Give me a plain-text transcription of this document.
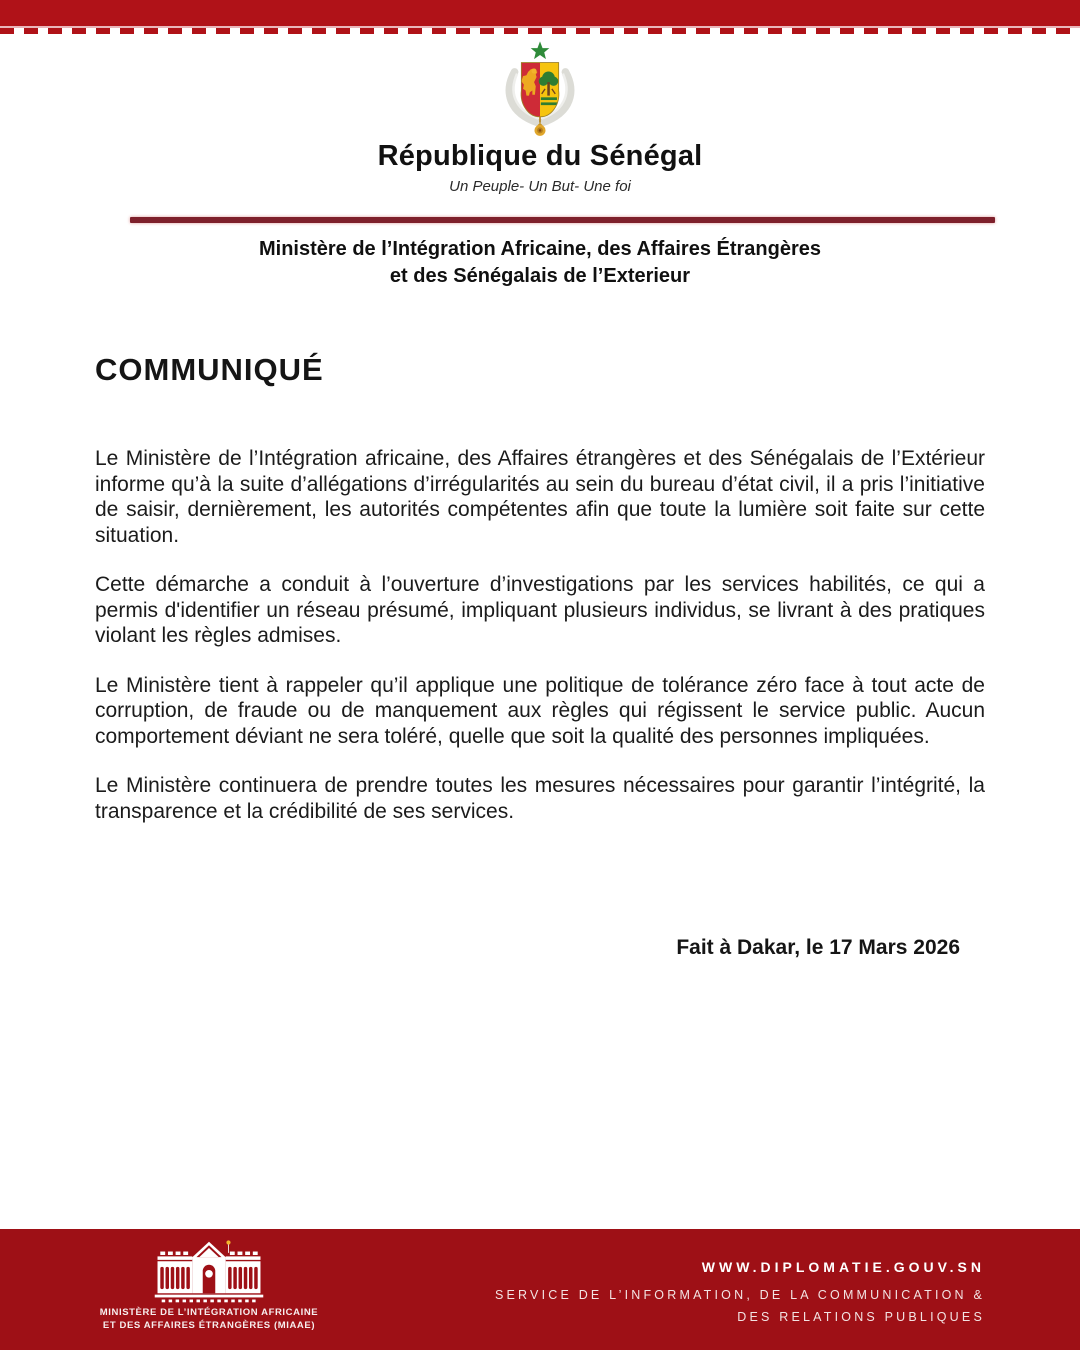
République du Sénégal
Un Peuple- Un But- Une foi
Ministère de l’Intégration Africaine, des Affaires Étrangères
et des Sénégalais de l’Exterieur
COMMUNIQUÉ

Le Ministère de l’Intégration africaine, des Affaires étrangères et des Sénégalais de l’Extérieur informe qu’à la suite d’allégations d’irrégularités au sein du bureau d’état civil, il a pris l’initiative de saisir, dernièrement, les autorités compétentes afin que toute la lumière soit faite sur cette situation.

Cette démarche a conduit à l’ouverture d’investigations par les services habilités, ce qui a permis d'identifier un réseau présumé, impliquant plusieurs individus, se livrant à des pratiques violant les règles admises.

Le Ministère tient à rappeler qu’il applique une politique de tolérance zéro face à tout acte de corruption, de fraude ou de manquement aux règles qui régissent le service public. Aucun comportement déviant ne sera toléré, quelle que soit la qualité des personnes impliquées.

Le Ministère continuera de prendre toutes les mesures nécessaires pour garantir l’intégrité, la transparence et la crédibilité de ses services.

Fait à Dakar, le 17 Mars 2026
MINISTÈRE DE L’INTÉGRATION AFRICAINE
ET DES AFFAIRES ÉTRANGÈRES (MIAAE)
WWW.DIPLOMATIE.GOUV.SN
SERVICE DE L’INFORMATION, DE LA COMMUNICATION &
DES RELATIONS PUBLIQUES
